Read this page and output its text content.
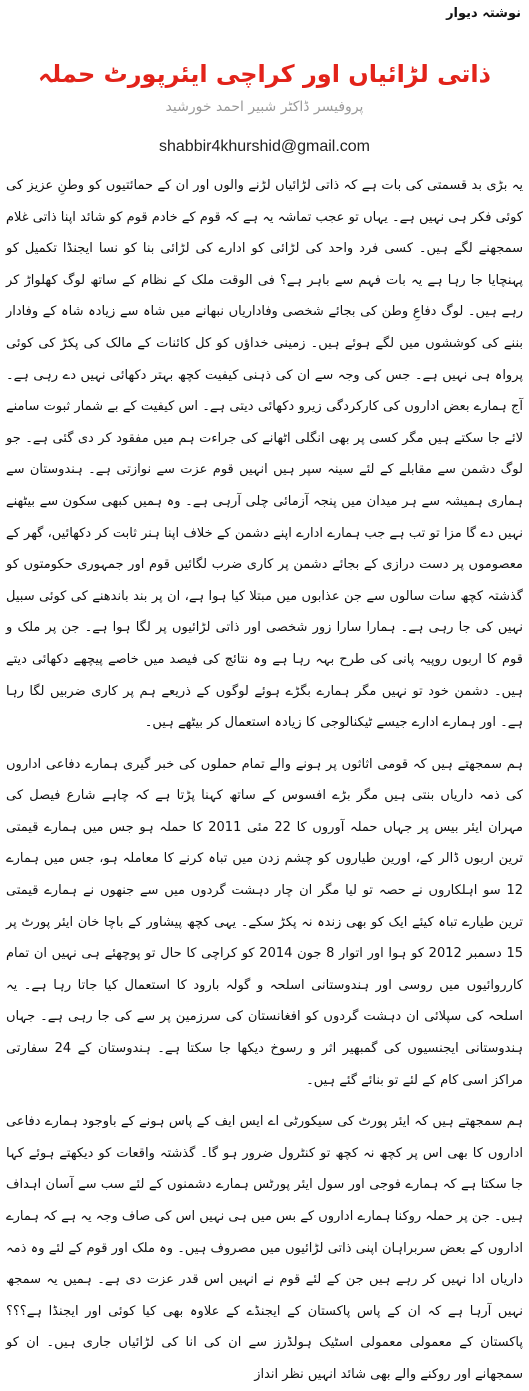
نوشتہ دیوار
ذاتی لڑائیاں اور کراچی ایئرپورٹ حملہ
پروفیسر ڈاکٹر شبیر احمد خورشید
shabbir4khurshid@gmail.com

یہ بڑی بد قسمتی کی بات ہے کہ ذاتی لڑائیاں لڑنے والوں اور ان کے حمائتیوں کو وطنِ عزیز کی کوئی فکر ہی نہیں ہے۔ یہاں تو عجب تماشہ یہ ہے کہ قوم کے خادم قوم کو شائد اپنا ذاتی غلام سمجھنے لگے ہیں۔ کسی فرد واحد کی لڑائی کو ادارے کی لڑائی بنا کو نسا ایجنڈا تکمیل کو پہنچایا جا رہا ہے یہ بات فہم سے باہر ہے؟ فی الوقت ملک کے نظام کے ساتھ لوگ کھلواڑ کر رہے ہیں۔ لوگ دفاعِ وطن کی بجائے شخصی وفاداریاں نبھانے میں شاہ سے زیادہ شاہ کے وفادار بننے کی کوششوں میں لگے ہوئے ہیں۔ زمینی خداؤں کو کل کائنات کے مالک کی پکڑ کی کوئی پرواہ ہی نہیں ہے۔ جس کی وجہ سے ان کی ذہنی کیفیت کچھ بہتر دکھائی نہیں دے رہی ہے۔ آج ہمارے بعض اداروں کی کارکردگی زیرو دکھائی دیتی ہے۔ اس کیفیت کے بے شمار ثبوت سامنے لائے جا سکتے ہیں مگر کسی پر بھی انگلی اٹھانے کی جراءت ہم میں مفقود کر دی گئی ہے۔ جو لوگ دشمن سے مقابلے کے لئے سینہ سپر ہیں انہیں قوم عزت سے نوازتی ہے۔ ہندوستان سے ہماری ہمیشہ سے ہر میدان میں پنجہ آزمائی چلی آرہی ہے۔ وہ ہمیں کبھی سکون سے بیٹھنے نہیں دے گا مزا تو تب ہے جب ہمارے ادارے اپنے دشمن کے خلاف اپنا ہنر ثابت کر دکھائیں، گھر کے معصوموں پر دست درازی کے بجائے دشمن پر کاری ضرب لگائیں قوم اور جمہوری حکومتوں کو گذشتہ کچھ سات سالوں سے جن عذابوں میں مبتلا کیا ہوا ہے، ان پر بند باندھنے کی کوئی سبیل نہیں کی جا رہی ہے۔ ہمارا سارا زور شخصی اور ذاتی لڑائیوں پر لگا ہوا ہے۔ جن پر ملک و قوم کا اربوں روپیہ پانی کی طرح بہہ رہا ہے وہ نتائج کی فیصد میں خاصے پیچھے دکھائی دیتے ہیں۔ دشمن خود تو نہیں مگر ہمارے بگڑے ہوئے لوگوں کے ذریعے ہم پر کاری ضربیں لگا رہا ہے۔ اور ہمارے ادارے جیسے ٹیکنالوجی کا زیادہ استعمال کر بیٹھے ہیں۔

ہم سمجھتے ہیں کہ قومی اثاثوں پر ہونے والے تمام حملوں کی خبر گیری ہمارے دفاعی اداروں کی ذمہ داریاں بنتی ہیں مگر بڑے افسوس کے ساتھ کہنا پڑتا ہے کہ چاہے شارع فیصل کی مہران ایئر بیس پر جہاں حملہ آوروں کا 22 مئی 2011 کا حملہ ہو جس میں ہمارے قیمتی ترین اربوں ڈالر کے، اورین طیاروں کو چشم زدن میں تباہ کرنے کا معاملہ ہو، جس میں ہمارے 12 سو اہلکاروں نے حصہ تو لیا مگر ان چار دہشت گردوں میں سے جنھوں نے ہمارے قیمتی ترین طیارے تباہ کیئے ایک کو بھی زندہ نہ پکڑ سکے۔ یہی کچھ پیشاور کے باچا خان ایئر پورٹ پر 15 دسمبر 2012 کو ہوا اور اتوار 8 جون 2014 کو کراچی کا حال تو پوچھئے ہی نہیں ان تمام کارروائیوں میں روسی اور ہندوستانی اسلحہ و گولہ بارود کا استعمال کیا جاتا رہا ہے۔ یہ اسلحہ کی سپلائی ان دہشت گردوں کو افغانستان کی سرزمین پر سے کی جا رہی ہے۔ جہاں ہندوستانی ایجنسیوں کی گمبھیر اثر و رسوخ دیکھا جا سکتا ہے۔ ہندوستان کے 24 سفارتی مراکز اسی کام کے لئے تو بنائے گئے ہیں۔

ہم سمجھتے ہیں کہ ایئر پورٹ کی سیکورٹی اے ایس ایف کے پاس ہونے کے باوجود ہمارے دفاعی اداروں کا بھی اس پر کچھ نہ کچھ تو کنٹرول ضرور ہو گا۔ گذشتہ واقعات کو دیکھتے ہوئے کہا جا سکتا ہے کہ ہمارے فوجی اور سول ایئر پورٹس ہمارے دشمنوں کے لئے سب سے آسان اہداف ہیں۔ جن پر حملہ روکنا ہمارے اداروں کے بس میں ہی نہیں اس کی صاف وجہ یہ ہے کہ ہمارے اداروں کے بعض سربراہان اپنی ذاتی لڑائیوں میں مصروف ہیں۔ وہ ملک اور قوم کے لئے وہ ذمہ داریاں ادا نہیں کر رہے ہیں جن کے لئے قوم نے انہیں اس قدر عزت دی ہے۔ ہمیں یہ سمجھ نہیں آرہا ہے کہ ان کے پاس پاکستان کے ایجنڈے کے علاوہ بھی کیا کوئی اور ایجنڈا ہے؟؟؟ پاکستان کے معمولی معمولی اسٹیک ہولڈرز سے ان کی انا کی لڑائیاں جاری ہیں۔ ان کو سمجھانے اور روکنے والے بھی شائد انہیں نظر انداز
